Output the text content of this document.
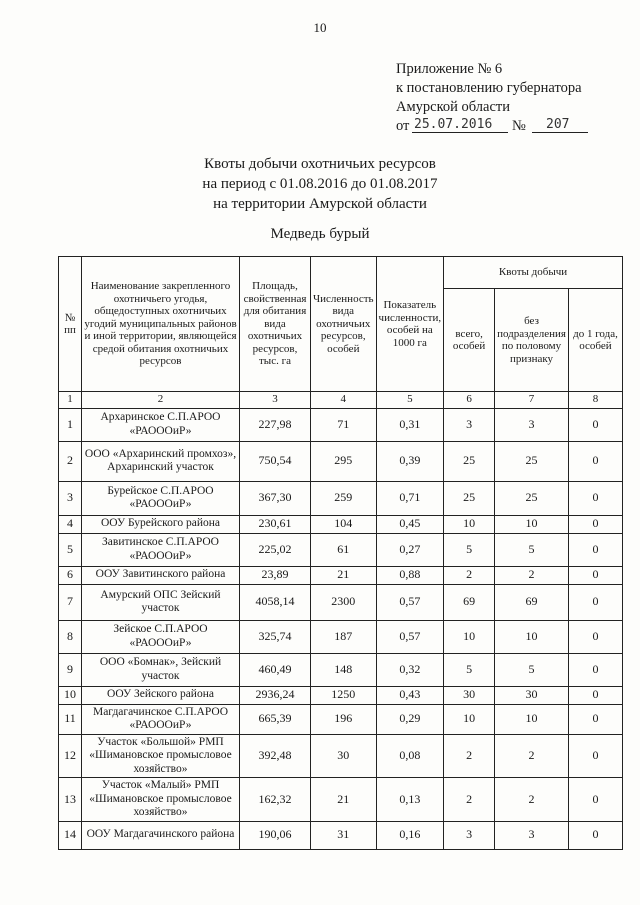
10
Приложение № 6
к постановлению губернатора
Амурской области
от 25.07.2016 № 207
Квоты добычи охотничьих ресурсов
на период с 01.08.2016 до 01.08.2017
на территории Амурской области
Медведь бурый
№ пп	Наименование закрепленного охотничьего угодья, общедоступных охотничьих угодий муниципальных районов и иной территории, являющейся средой обитания охотничьих ресурсов	Площадь, свойственная для обитания вида охотничьих ресурсов, тыс. га	Численность вида охотничьих ресурсов, особей	Показатель численности, особей на 1000 га	Квоты добычи		
					всего, особей	без подразделения по половому признаку	до 1 года, особей
1	2	3	4	5	6	7	8
1	Архаринское С.П.АРОО «РАОООиР»	227,98	71	0,31	3	3	0
2	ООО «Архаринский промхоз», Архаринский участок	750,54	295	0,39	25	25	0
3	Бурейское С.П.АРОО «РАОООиР»	367,30	259	0,71	25	25	0
4	ООУ Бурейского района	230,61	104	0,45	10	10	0
5	Завитинское С.П.АРОО «РАОООиР»	225,02	61	0,27	5	5	0
6	ООУ Завитинского района	23,89	21	0,88	2	2	0
7	Амурский ОПС Зейский участок	4058,14	2300	0,57	69	69	0
8	Зейское С.П.АРОО «РАОООиР»	325,74	187	0,57	10	10	0
9	ООО «Бомнак», Зейский участок	460,49	148	0,32	5	5	0
10	ООУ Зейского района	2936,24	1250	0,43	30	30	0
11	Магдагачинское С.П.АРОО «РАОООиР»	665,39	196	0,29	10	10	0
12	Участок «Большой» РМП «Шимановское промысловое хозяйство»	392,48	30	0,08	2	2	0
13	Участок «Малый» РМП «Шимановское промысловое хозяйство»	162,32	21	0,13	2	2	0
14	ООУ Магдагачинского района	190,06	31	0,16	3	3	0
